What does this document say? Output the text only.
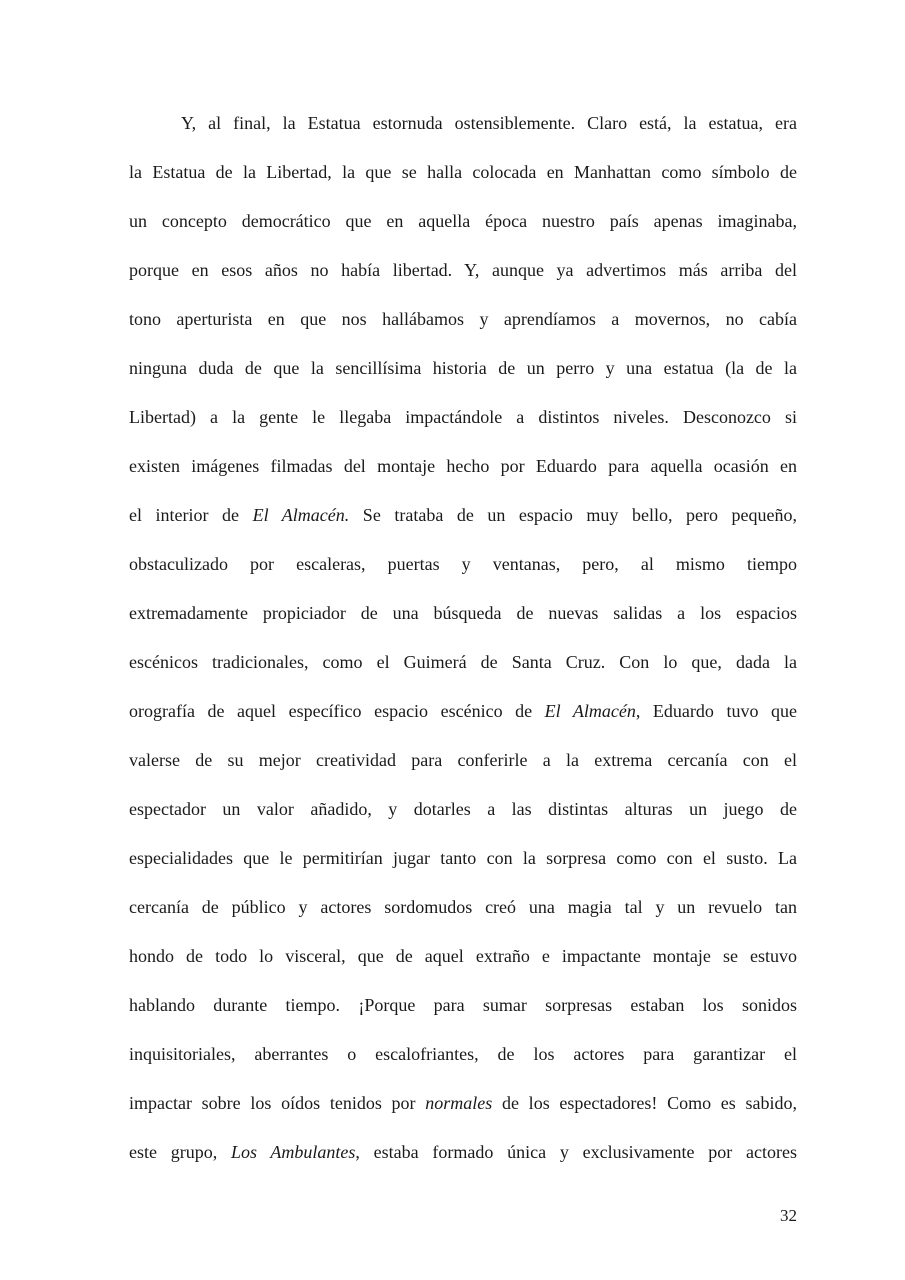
Y, al final, la Estatua estornuda ostensiblemente. Claro está, la estatua, era
la Estatua de la Libertad, la que se halla colocada en Manhattan como símbolo de
un concepto democrático que en aquella época nuestro país apenas imaginaba,
porque en esos años no había libertad. Y, aunque ya advertimos más arriba del
tono aperturista en que nos hallábamos y aprendíamos a movernos, no cabía
ninguna duda de que la sencillísima historia de un perro y una estatua (la de la
Libertad) a la gente le llegaba impactándole a distintos niveles. Desconozco si
existen imágenes filmadas del montaje hecho por Eduardo para aquella ocasión en
el interior de El Almacén. Se trataba de un espacio muy bello, pero pequeño,
obstaculizado por escaleras, puertas y ventanas, pero, al mismo tiempo
extremadamente propiciador de una búsqueda de nuevas salidas a los espacios
escénicos tradicionales, como el Guimerá de Santa Cruz. Con lo que, dada la
orografía de aquel específico espacio escénico de El Almacén, Eduardo tuvo que
valerse de su mejor creatividad para conferirle a la extrema cercanía con el
espectador un valor añadido, y dotarles a las distintas alturas un juego de
especialidades que le permitirían jugar tanto con la sorpresa como con el susto. La
cercanía de público y actores sordomudos creó una magia tal y un revuelo tan
hondo de todo lo visceral, que de aquel extraño e impactante montaje se estuvo
hablando durante tiempo. ¡Porque para sumar sorpresas estaban los sonidos
inquisitoriales, aberrantes o escalofriantes, de los actores para garantizar el
impactar sobre los oídos tenidos por normales de los espectadores! Como es sabido,
este grupo, Los Ambulantes, estaba formado única y exclusivamente por actores
32
